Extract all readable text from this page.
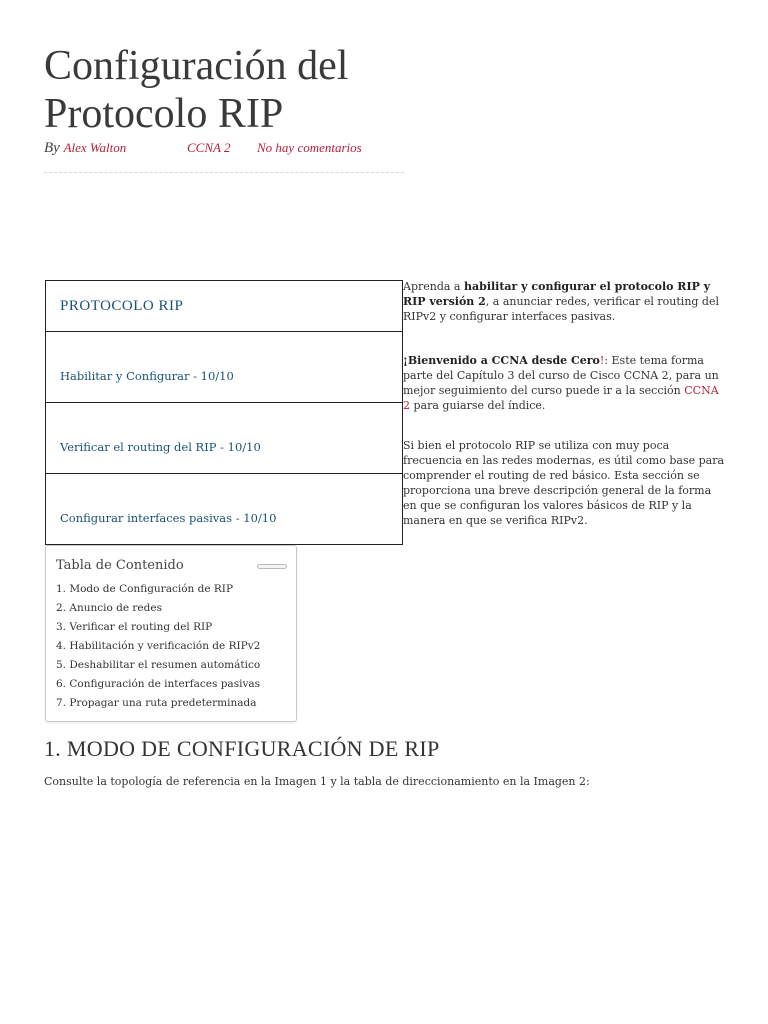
Configuración del Protocolo RIP
By Alex Walton	CCNA 2 No hay comentarios
PROTOCOLO RIP
Habilitar y Configurar - 10/10
Verificar el routing del RIP - 10/10
Configurar interfaces pasivas - 10/10

Aprenda a habilitar y configurar el protocolo RIP y RIP versión 2, a anunciar redes, verificar el routing del RIPv2 y configurar interfaces pasivas.

¡Bienvenido a CCNA desde Cero!: Este tema forma parte del Capítulo 3 del curso de Cisco CCNA 2, para un mejor seguimiento del curso puede ir a la sección CCNA 2 para guiarse del índice.

Si bien el protocolo RIP se utiliza con muy poca frecuencia en las redes modernas, es útil como base para comprender el routing de red básico. Esta sección se proporciona una breve descripción general de la forma en que se configuran los valores básicos de RIP y la manera en que se verifica RIPv2.

Tabla de Contenido
1. Modo de Configuración de RIP
2. Anuncio de redes
3. Verificar el routing del RIP
4. Habilitación y verificación de RIPv2
5. Deshabilitar el resumen automático
6. Configuración de interfaces pasivas
7. Propagar una ruta predeterminada
1. MODO DE CONFIGURACIÓN DE RIP

Consulte la topología de referencia en la Imagen 1 y la tabla de direccionamiento en la Imagen 2:
